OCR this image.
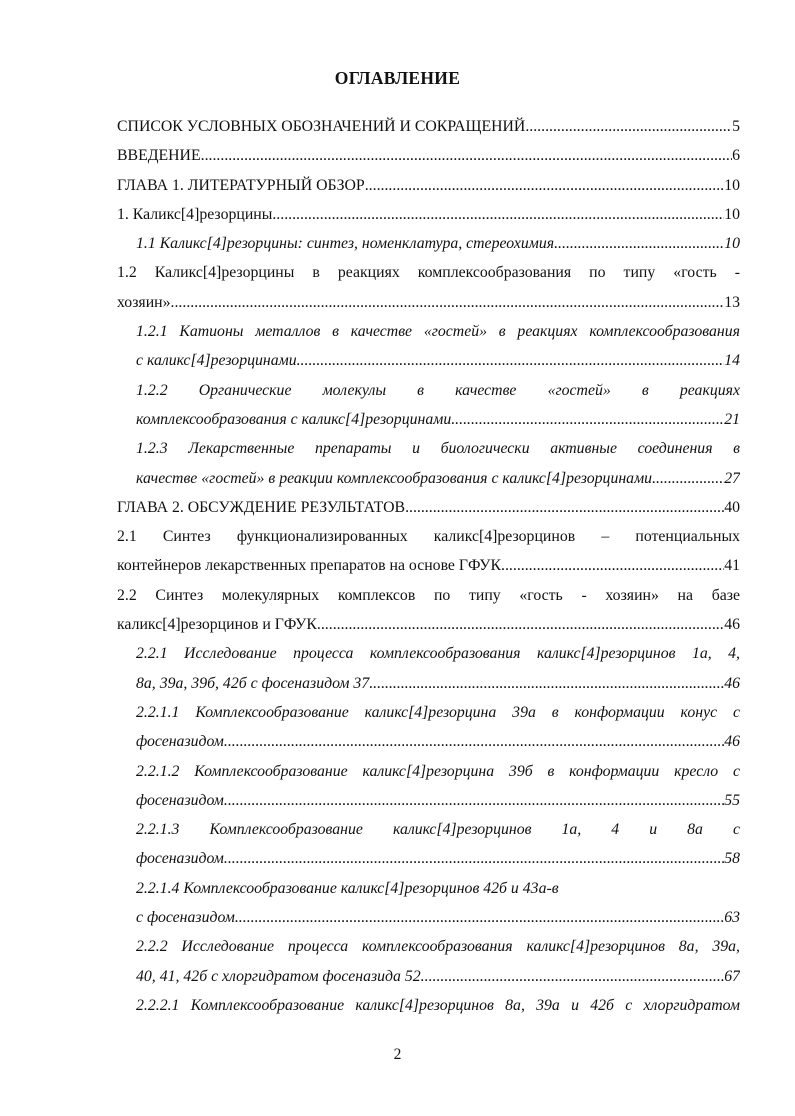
ОГЛАВЛЕНИЕ
СПИСОК УСЛОВНЫХ ОБОЗНАЧЕНИЙ И СОКРАЩЕНИЙ .....	5
ВВЕДЕНИЕ .....	6
ГЛАВА 1. ЛИТЕРАТУРНЫЙ ОБЗОР .....	10
1. Каликс[4]резорцины .....	10
1.1 Каликс[4]резорцины: синтез, номенклатура, стереохимия .....	10
1.2 Каликс[4]резорцины в реакциях комплексообразования по типу «гость -
хозяин» .....	13
1.2.1 Катионы металлов в качестве «гостей» в реакциях комплексообразования
с каликс[4]резорцинами .....	14
1.2.2 Органические молекулы в качестве «гостей» в реакциях
комплексообразования с каликс[4]резорцинами .....	21
1.2.3 Лекарственные препараты и биологически активные соединения в
качестве «гостей» в реакции комплексообразования с каликс[4]резорцинами .....	27
ГЛАВА 2. ОБСУЖДЕНИЕ РЕЗУЛЬТАТОВ .....	40
2.1 Синтез функционализированных каликс[4]резорцинов – потенциальных
контейнеров лекарственных препаратов на основе ГФУК .....	41
2.2 Синтез молекулярных комплексов по типу «гость - хозяин» на базе
каликс[4]резорцинов и ГФУК .....	46
2.2.1 Исследование процесса комплексообразования каликс[4]резорцинов 1а, 4,
8а, 39а, 39б, 42б с фосеназидом 37 .....	46
2.2.1.1 Комплексообразование каликс[4]резорцина 39а в конформации конус с
фосеназидом .....	46
2.2.1.2 Комплексообразование каликс[4]резорцина 39б в конформации кресло с
фосеназидом .....	55
2.2.1.3 Комплексообразование каликс[4]резорцинов 1а, 4 и 8а с
фосеназидом .....	58
2.2.1.4 Комплексообразование каликс[4]резорцинов 42б и 43а-в
с фосеназидом .....	63
2.2.2 Исследование процесса комплексообразования каликс[4]резорцинов 8а, 39а,
40, 41, 42б с хлоргидратом фосеназида 52 .....	67
2.2.2.1 Комплексообразование каликс[4]резорцинов 8а, 39а и 42б с хлоргидратом
2
